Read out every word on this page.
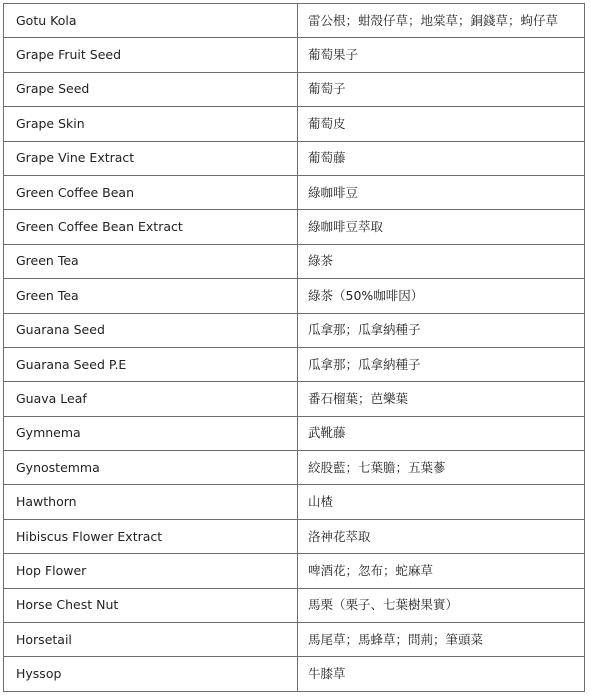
Gotu Kola	雷公根；蚶殼仔草；地棠草；銅錢草；蚼仔草
Grape Fruit Seed	葡萄果子
Grape Seed	葡萄子
Grape Skin	葡萄皮
Grape Vine Extract	葡萄藤
Green Coffee Bean	綠咖啡豆
Green Coffee Bean Extract	綠咖啡豆萃取
Green Tea	綠茶
Green Tea	綠茶（50%咖啡因）
Guarana Seed	瓜拿那；瓜拿納種子
Guarana Seed P.E	瓜拿那；瓜拿納種子
Guava Leaf	番石榴葉；芭樂葉
Gymnema	武靴藤
Gynostemma	絞股藍；七葉膽；五葉蔘
Hawthorn	山楂
Hibiscus Flower Extract	洛神花萃取
Hop Flower	啤酒花；忽布；蛇麻草
Horse Chest Nut	馬栗（栗子、七葉樹果實）
Horsetail	馬尾草；馬蜂草；問荊；筆頭菜
Hyssop	牛膝草
